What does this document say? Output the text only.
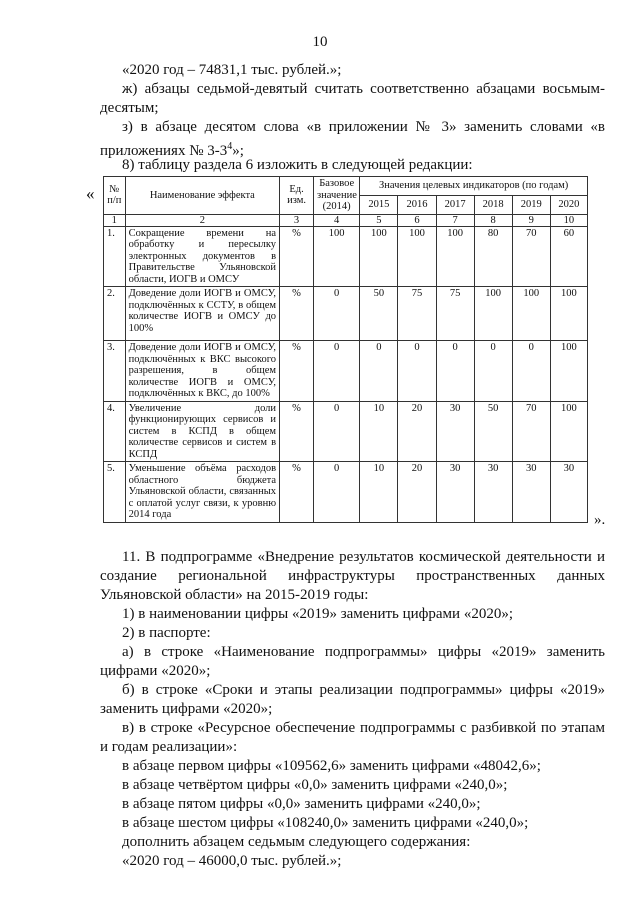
10

«2020 год – 74831,1 тыс. рублей.»;

ж) абзацы седьмой-девятый считать соответственно абзацами восьмым-десятым;

з) в абзаце десятом слова «в приложении № 3» заменить словами «в приложениях № $3-3^4$»;

8) таблицу раздела 6 изложить в следующей редакции:

« № п/п	Наименование эффекта	Ед. изм.	Базовое значение (2014)	Значения целевых индикаторов (по годам)					
				2015	2016	2017	2018	2019	2020
1	2	3	4	5	6	7	8	9	10
1.	Сокращение времени на обработку и пересылку электронных документов в Правительстве Ульяновской области, ИОГВ и ОМСУ	%	100	100	100	100	80	70	60
2.	Доведение доли ИОГВ и ОМСУ, подключённых к ССТУ, в общем количестве ИОГВ и ОМСУ до 100%	%	0	50	75	75	100	100	100
3.	Доведение доли ИОГВ и ОМСУ, подключённых к ВКС высокого разрешения, в общем количестве ИОГВ и ОМСУ, подключённых к ВКС, до 100%	%	0	0	0	0	0	0	100
4.	Увеличение доли функционирующих сервисов и систем в КСПД в общем количестве сервисов и систем в КСПД	%	0	10	20	30	50	70	100
5.	Уменьшение объёма расходов областного бюджета Ульяновской области, связанных с оплатой услуг связи, к уровню 2014 года	%	0	10	20	30	30	30	30
».

11. В подпрограмме «Внедрение результатов космической деятельности и создание региональной инфраструктуры пространственных данных Ульяновской области» на 2015-2019 годы:

1) в наименовании цифры «2019» заменить цифрами «2020»;

2) в паспорте:

а) в строке «Наименование подпрограммы» цифры «2019» заменить цифрами «2020»;

б) в строке «Сроки и этапы реализации подпрограммы» цифры «2019» заменить цифрами «2020»;

в) в строке «Ресурсное обеспечение подпрограммы с разбивкой по этапам и годам реализации»:

в абзаце первом цифры «109562,6» заменить цифрами «48042,6»;

в абзаце четвёртом цифры «0,0» заменить цифрами «240,0»;

в абзаце пятом цифры «0,0» заменить цифрами «240,0»;

в абзаце шестом цифры «108240,0» заменить цифрами «240,0»;

дополнить абзацем седьмым следующего содержания:

«2020 год – 46000,0 тыс. рублей.»;
